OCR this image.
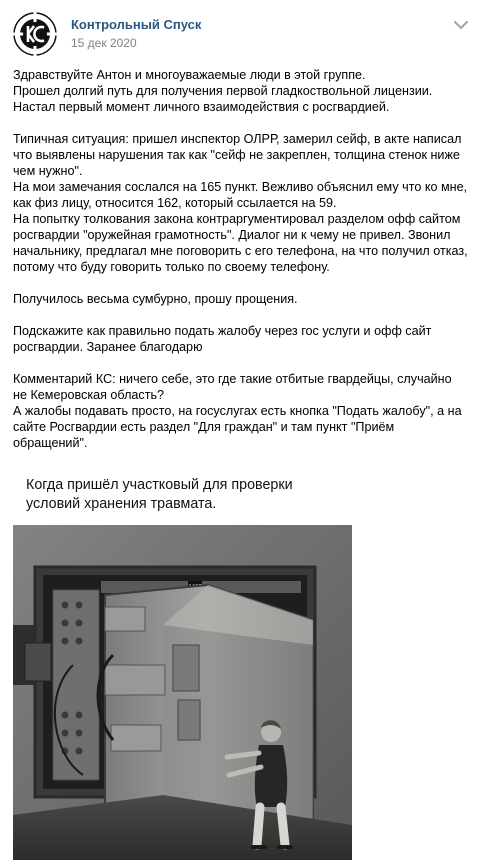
Контрольный Спуск
15 дек 2020

Здравствуйте Антон и многоуважаемые люди в этой группе.

Прошел долгий путь для получения первой гладкоствольной лицензии. Настал первый момент личного взаимодействия с росгвардией.

Типичная ситуация: пришел инспектор ОЛРР, замерил сейф, в акте написал что выявлены нарушения так как "сейф не закреплен, толщина стенок ниже чем нужно".

На мои замечания сослался на 165 пункт. Вежливо объяснил ему что ко мне, как физ лицу, относится 162, который ссылается на 59.

На попытку толкования закона контраргументировал разделом офф сайтом росгвардии "оружейная грамотность". Диалог ни к чему не привел. Звонил начальнику, предлагал мне поговорить с его телефона, на что получил отказ, потому что буду говорить только по своему телефону.

Получилось весьма сумбурно, прошу прощения.

Подскажите как правильно подать жалобу через гос услуги и офф сайт росгвардии. Заранее благодарю

Комментарий КС: ничего себе, это где такие отбитые гвардейцы, случайно не Кемеровская область?

А жалобы подавать просто, на госуслугах есть кнопка "Подать жалобу", а на сайте Росгвардии есть раздел "Для граждан" и там пункт "Приём обращений".

Когда пришёл участковый для проверки условий хранения травмата.
